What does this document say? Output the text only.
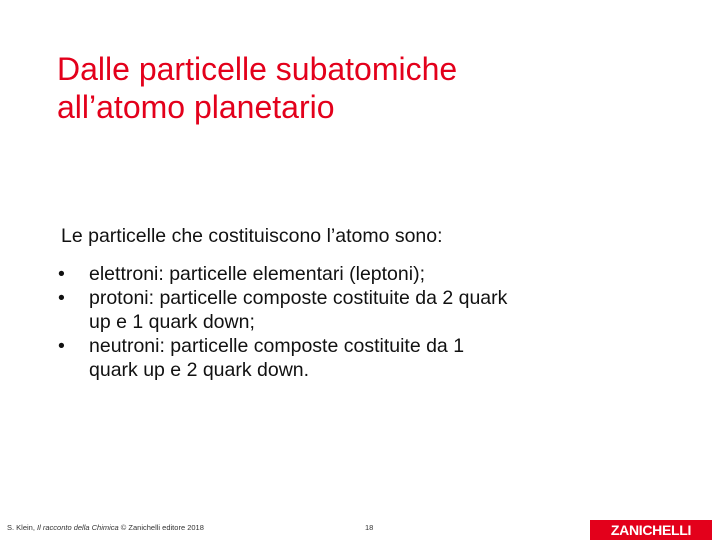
Dalle particelle subatomiche
all’atomo planetario

Le particelle che costituiscono l’atomo sono:

•	elettroni: particelle elementari (leptoni);
•	protoni: particelle composte costituite da 2 quark
up e 1 quark down;
•	neutroni: particelle composte costituite da 1
quark up e 2 quark down.
S. Klein, Il racconto della Chimica © Zanichelli editore 2018	18	ZANICHELLI
